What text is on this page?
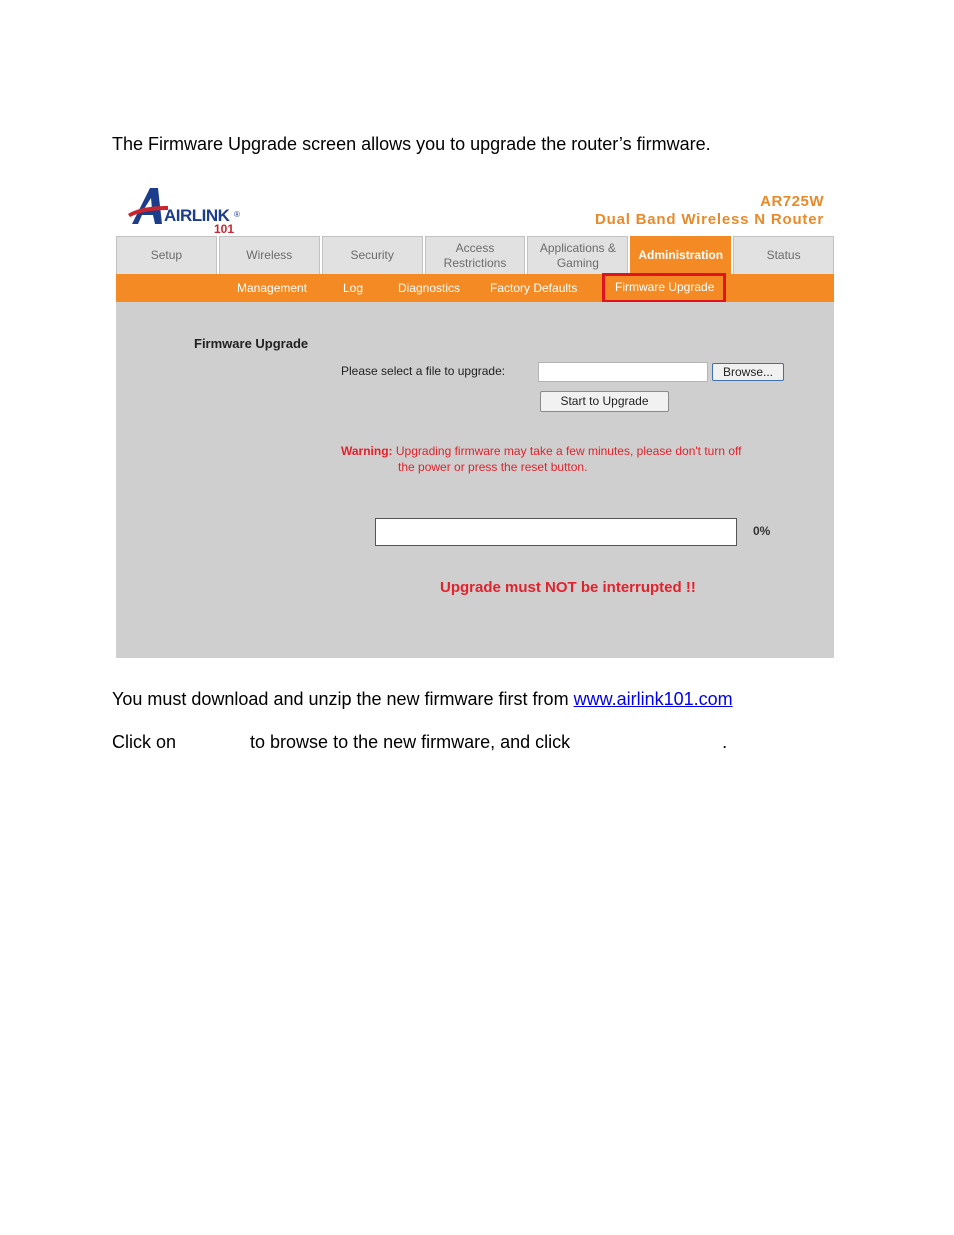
The Firmware Upgrade screen allows you to upgrade the router’s firmware.
AIRLINK ®
101
AR725W
Dual Band Wireless N Router
Setup	Wireless	Security
Access Restrictions
Applications & Gaming
Administration	Status
Management	Log	Diagnostics Factory Defaults	Firmware Upgrade
Firmware Upgrade
Please select a file to upgrade:	Browse...
Start to Upgrade
Warning: Upgrading firmware may take a few minutes, please don't turn off
the power or press the reset button.
0%
Upgrade must NOT be interrupted !!
You must download and unzip the new firmware first from www.airlink101.com
Click on	to browse to the new firmware, and click	.
